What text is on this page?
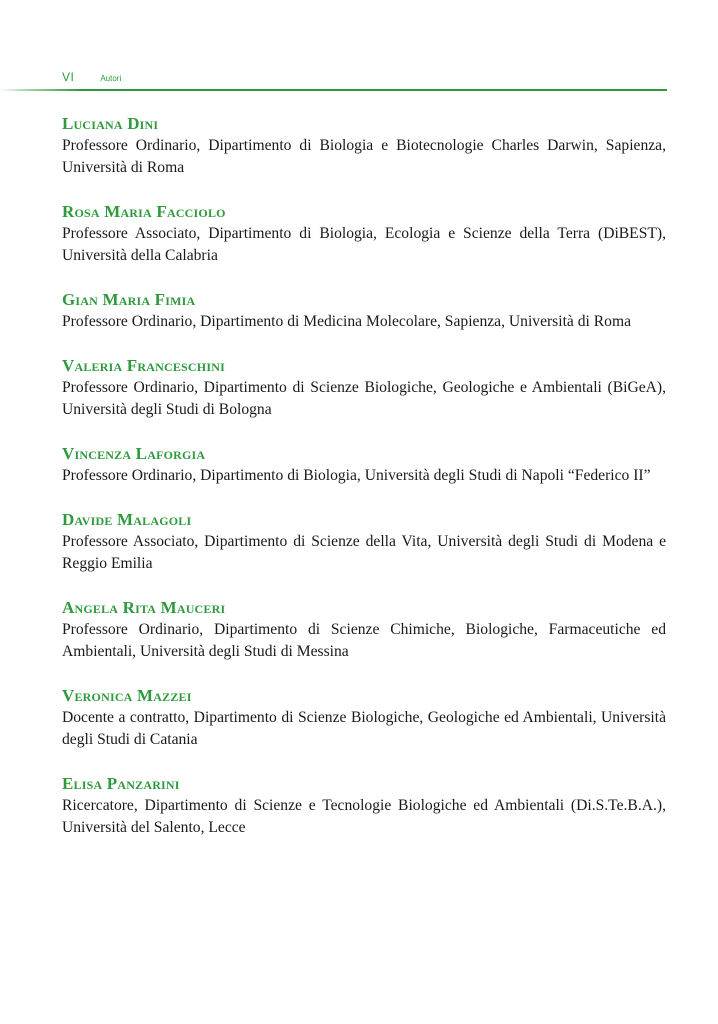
VI	Autori
Luciana Dini
Professore Ordinario, Dipartimento di Biologia e Biotecnologie Charles Darwin, Sapienza, Università di Roma
Rosa Maria Facciolo
Professore Associato, Dipartimento di Biologia, Ecologia e Scienze della Terra (DiBEST), Università della Calabria
Gian Maria Fimia
Professore Ordinario, Dipartimento di Medicina Molecolare, Sapienza, Università di Roma
Valeria Franceschini
Professore Ordinario, Dipartimento di Scienze Biologiche, Geologiche e Ambientali (BiGeA), Università degli Studi di Bologna
Vincenza Laforgia
Professore Ordinario, Dipartimento di Biologia, Università degli Studi di Napoli “Federico II”
Davide Malagoli
Professore Associato, Dipartimento di Scienze della Vita, Università degli Studi di Modena e Reggio Emilia
Angela Rita Mauceri
Professore Ordinario, Dipartimento di Scienze Chimiche, Biologiche, Farmaceutiche ed Ambientali, Università degli Studi di Messina
Veronica Mazzei
Docente a contratto, Dipartimento di Scienze Biologiche, Geologiche ed Ambientali, Università degli Studi di Catania
Elisa Panzarini
Ricercatore, Dipartimento di Scienze e Tecnologie Biologiche ed Ambientali (Di.S.Te.B.A.), Università del Salento, Lecce
